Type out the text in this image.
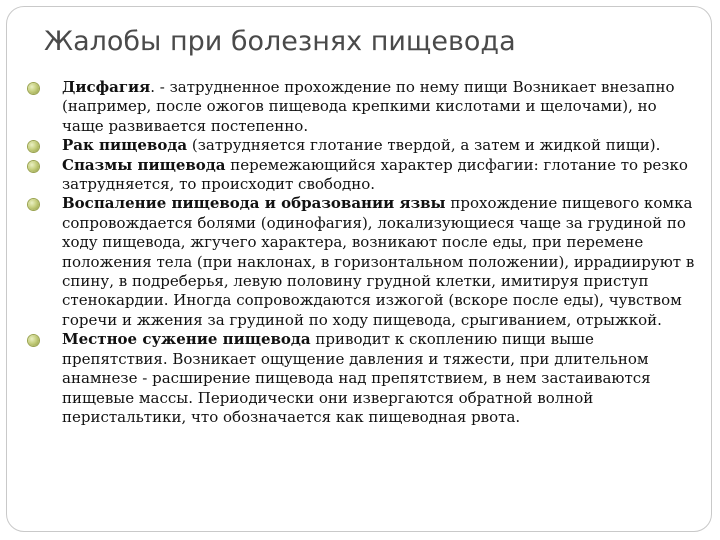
Жалобы при болезнях пищевода
Дисфагия. - затрудненное прохождение по нему пищи Возникает внезапно (например, после ожогов пищевода крепкими кислотами и щелочами), но чаще развивается постепенно.
Рак пищевода (затрудняется глотание твердой, а затем и жидкой пищи).
Спазмы пищевода перемежающийся характер дисфагии: глотание то резко затрудняется, то происходит свободно.
Воспаление пищевода и образовании язвы прохождение пищевого комка сопровождается болями (одинофагия), локализующиеся чаще за грудиной по ходу пищевода, жгучего характера, возникают после еды, при перемене положения тела (при наклонах, в горизонтальном положении), иррадиируют в спину, в подреберья, левую половину грудной клетки, имитируя приступ стенокардии. Иногда сопровождаются изжогой (вскоре после еды), чувством горечи и жжения за грудиной по ходу пищевода, срыгиванием, отрыжкой.
Местное сужение пищевода приводит к скоплению пищи выше препятствия. Возникает ощущение давления и тяжести, при длительном анамнезе - расширение пищевода над препятствием, в нем застаиваются пищевые массы. Периодически они извергаются обратной волной перистальтики, что обозначается как пищеводная рвота.
